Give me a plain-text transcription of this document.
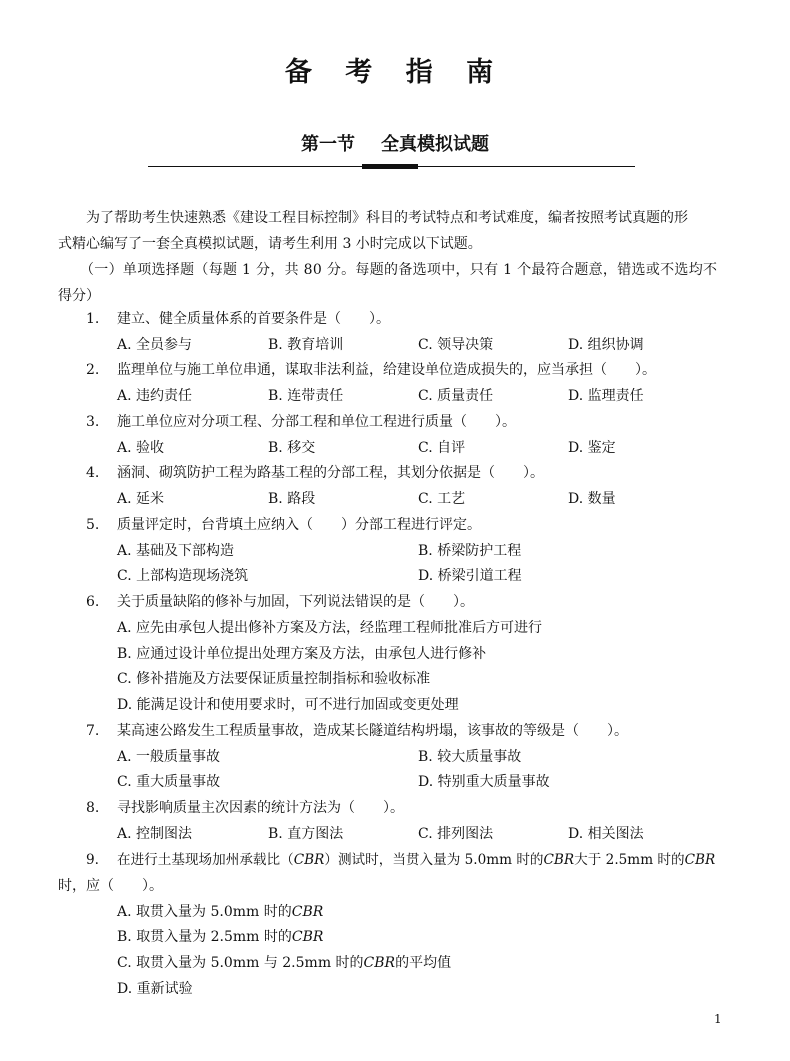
备 考 指 南
第一节 全真模拟试题
为了帮助考生快速熟悉《建设工程目标控制》科目的考试特点和考试难度，编者按照考试真题的形
式精心编写了一套全真模拟试题，请考生利用 3 小时完成以下试题。
（一）单项选择题（每题 1 分，共 80 分。每题的备选项中，只有 1 个最符合题意，错选或不选均不
得分）
1. 建立、健全质量体系的首要条件是（　　）。
A. 全员参与	B. 教育培训	C. 领导决策	D. 组织协调
2. 监理单位与施工单位串通，谋取非法利益，给建设单位造成损失的，应当承担（　　）。
A. 违约责任	B. 连带责任	C. 质量责任	D. 监理责任
3. 施工单位应对分项工程、分部工程和单位工程进行质量（　　）。
A. 验收	B. 移交	C. 自评	D. 鉴定
4. 涵洞、砌筑防护工程为路基工程的分部工程，其划分依据是（　　）。
A. 延米	B. 路段	C. 工艺	D. 数量
5. 质量评定时，台背填土应纳入（　　）分部工程进行评定。
A. 基础及下部构造	B. 桥梁防护工程
C. 上部构造现场浇筑	D. 桥梁引道工程
6. 关于质量缺陷的修补与加固，下列说法错误的是（　　）。
A. 应先由承包人提出修补方案及方法，经监理工程师批准后方可进行
B. 应通过设计单位提出处理方案及方法，由承包人进行修补
C. 修补措施及方法要保证质量控制指标和验收标准
D. 能满足设计和使用要求时，可不进行加固或变更处理
7. 某高速公路发生工程质量事故，造成某长隧道结构坍塌，该事故的等级是（　　）。
A. 一般质量事故	B. 较大质量事故
C. 重大质量事故	D. 特别重大质量事故
8. 寻找影响质量主次因素的统计方法为（　　）。
A. 控制图法	B. 直方图法	C. 排列图法	D. 相关图法
9. 在进行土基现场加州承载比（CBR）测试时，当贯入量为 5.0mm 时的CBR大于 2.5mm 时的CBR
时，应（　　）。
A. 取贯入量为 5.0mm 时的CBR
B. 取贯入量为 2.5mm 时的CBR
C. 取贯入量为 5.0mm 与 2.5mm 时的CBR的平均值
D. 重新试验
1
